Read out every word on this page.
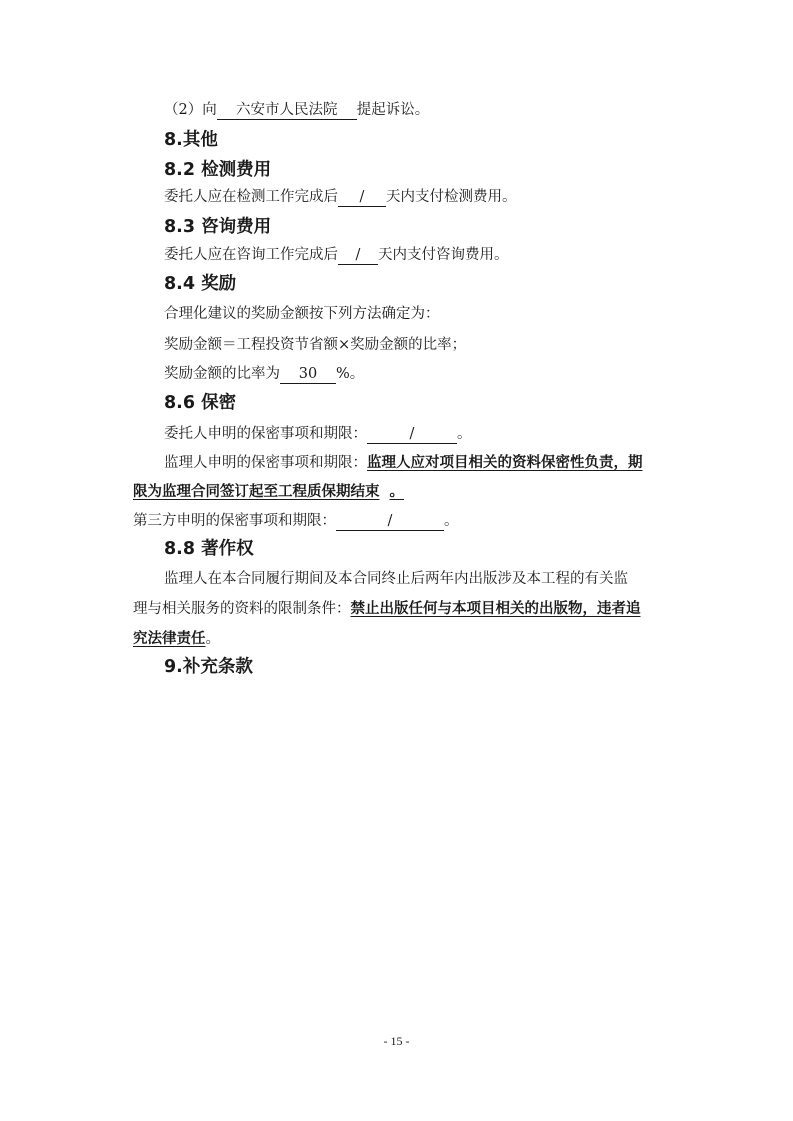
（2）向 六安市人民法院 提起诉讼。
8.其他
8.2 检测费用
委托人应在检测工作完成后 / 天内支付检测费用。
8.3 咨询费用
委托人应在咨询工作完成后 / 天内支付咨询费用。
8.4 奖励
合理化建议的奖励金额按下列方法确定为：
奖励金额＝工程投资节省额×奖励金额的比率；
奖励金额的比率为 30 %。
8.6 保密
委托人申明的保密事项和期限：	/	。
监理人申明的保密事项和期限：监理人应对项目相关的资料保密性负责，期
限为监理合同签订起至工程质保期结束 。
第三方申明的保密事项和期限：	/	。
8.8 著作权
监理人在本合同履行期间及本合同终止后两年内出版涉及本工程的有关监
理与相关服务的资料的限制条件：禁止出版任何与本项目相关的出版物，违者追
究法律责任。
9.补充条款
- 15 -
